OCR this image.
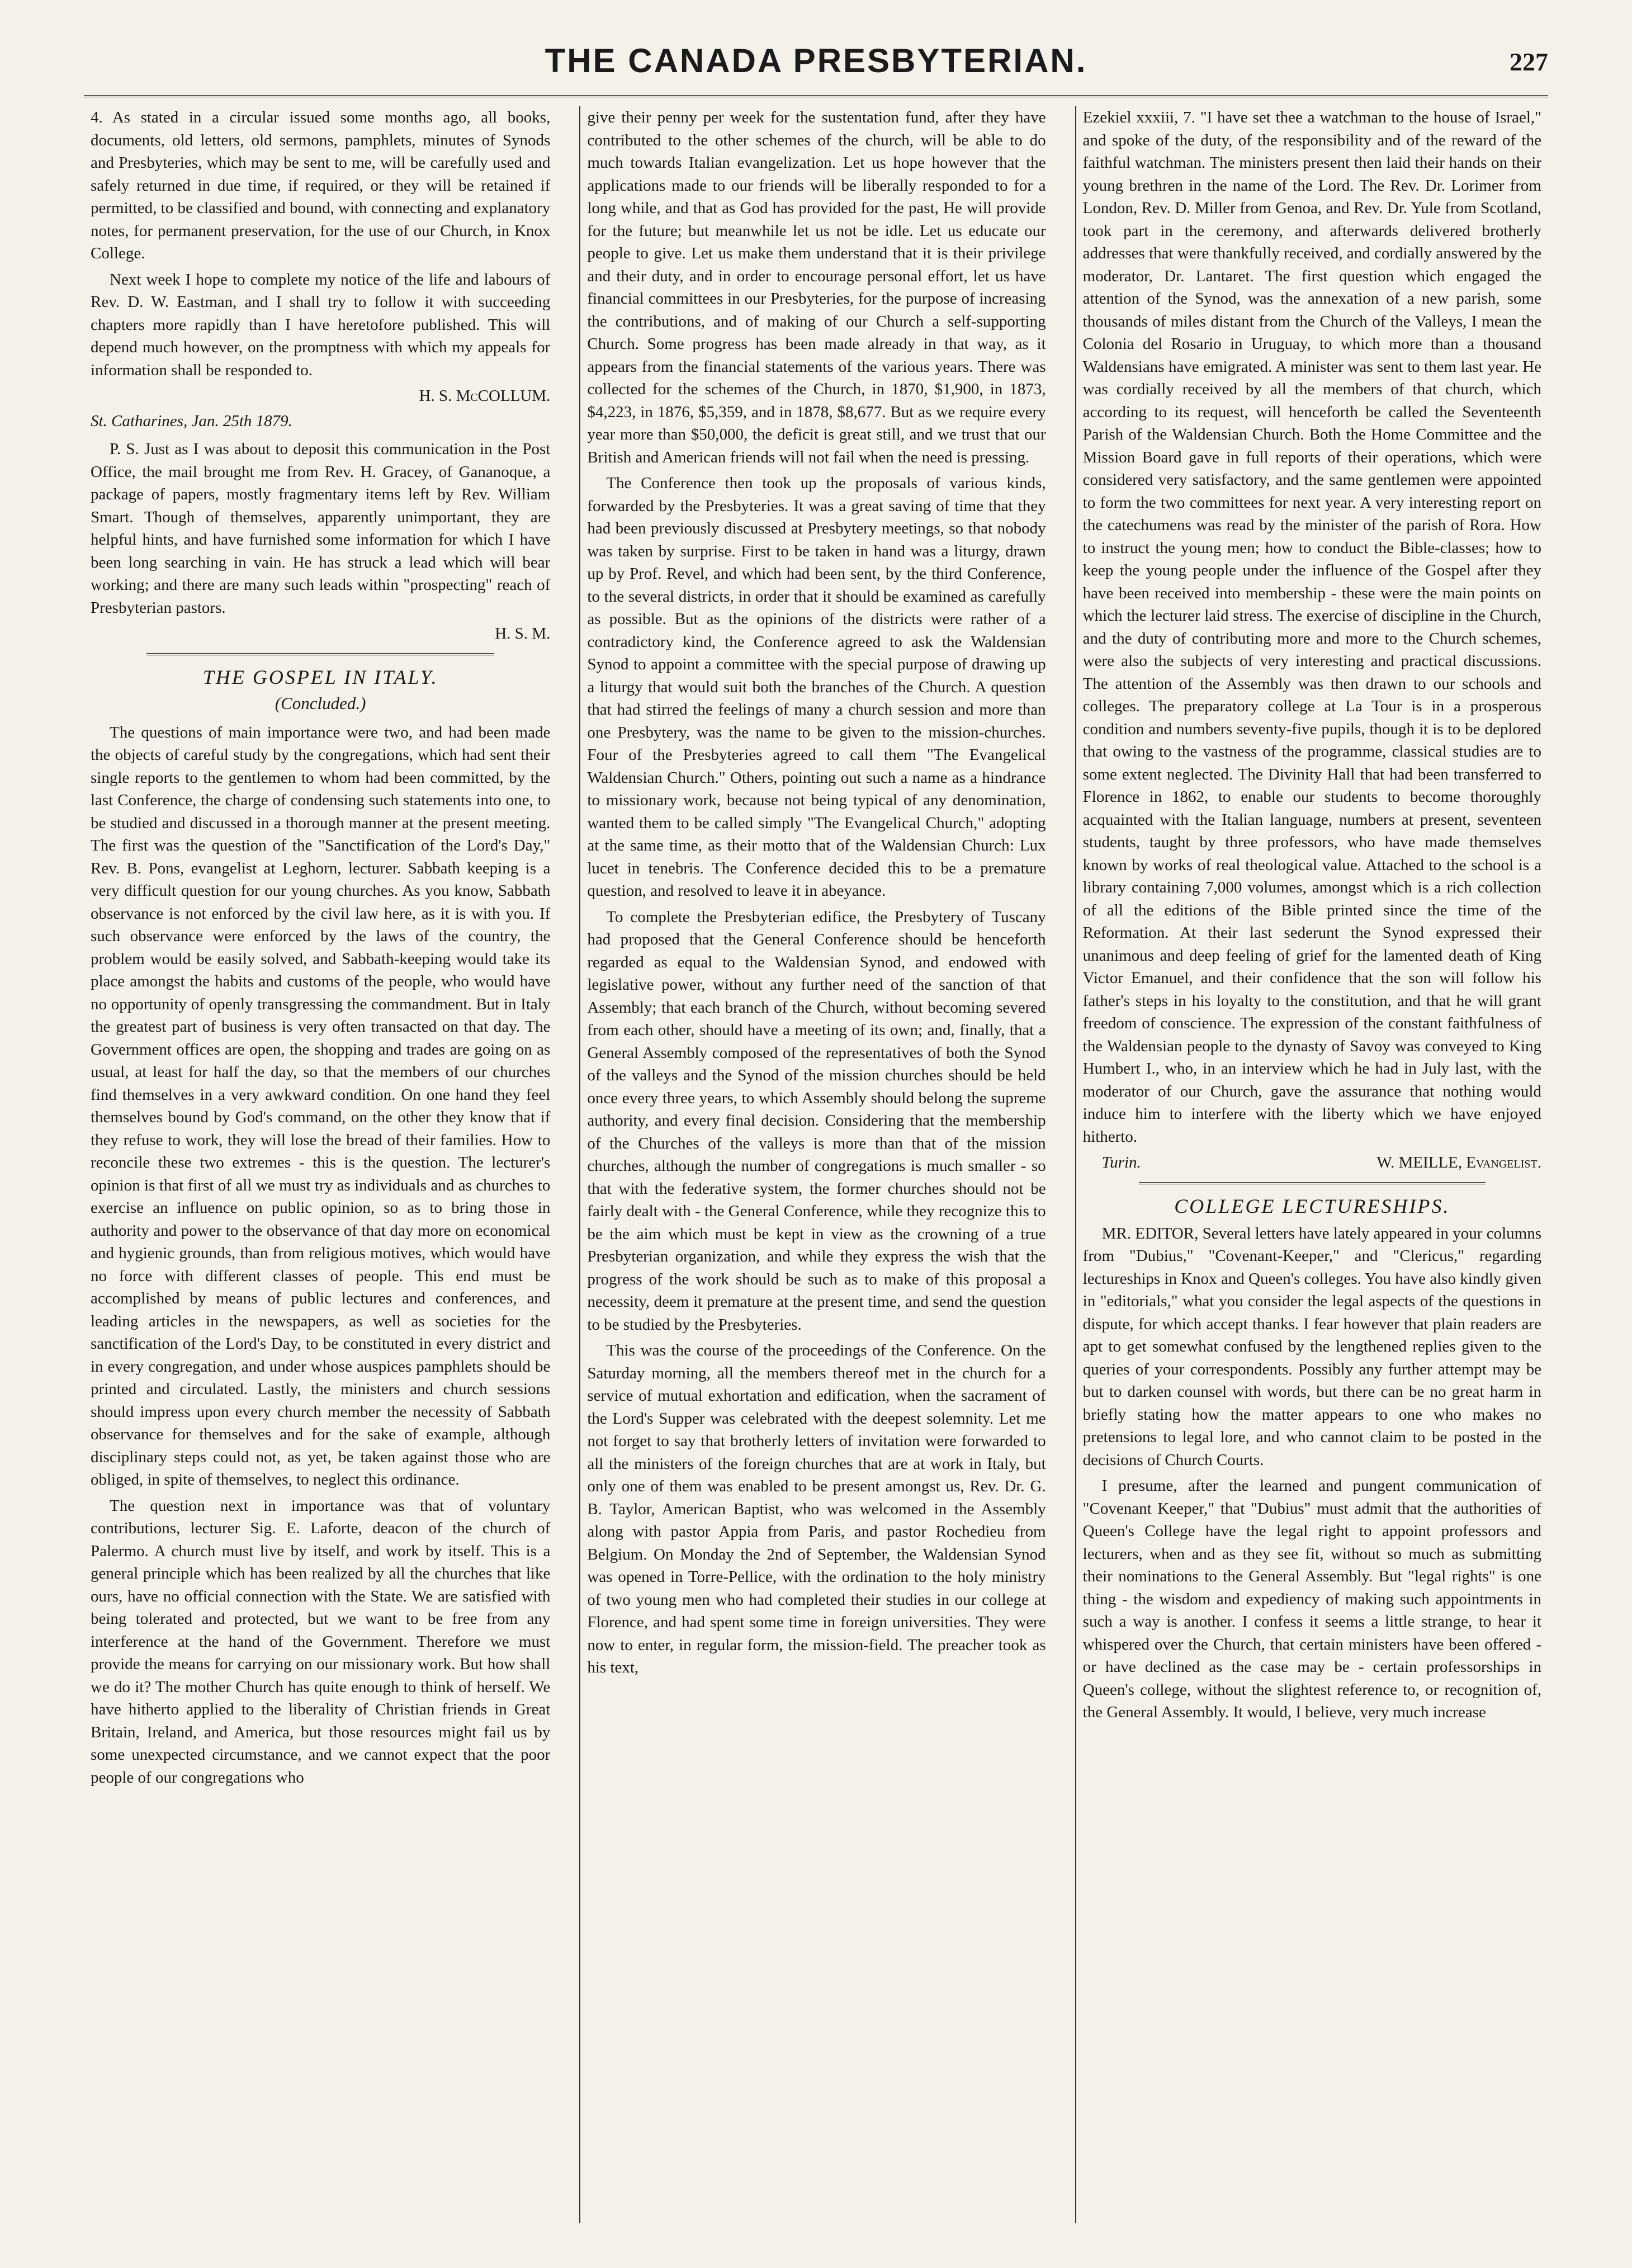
THE CANADA PRESBYTERIAN.	227

4. As stated in a circular issued some months ago, all books, documents, old letters, old sermons, pamphlets, minutes of Synods and Presbyteries, which may be sent to me, will be carefully used and safely returned in due time, if required, or they will be retained if permitted, to be classified and bound, with connecting and explanatory notes, for permanent preservation, for the use of our Church, in Knox College.

Next week I hope to complete my notice of the life and labours of Rev. D. W. Eastman, and I shall try to follow it with succeeding chapters more rapidly than I have heretofore published. This will depend much however, on the promptness with which my appeals for information shall be responded to.

H. S. McCOLLUM.
St. Catharines, Jan. 25th 1879.

P. S. Just as I was about to deposit this communication in the Post Office, the mail brought me from Rev. H. Gracey, of Gananoque, a package of papers, mostly fragmentary items left by Rev. William Smart. Though of themselves, apparently unimportant, they are helpful hints, and have furnished some information for which I have been long searching in vain. He has struck a lead which will bear working; and there are many such leads within "prospecting" reach of Presbyterian pastors.

H. S. M.
THE GOSPEL IN ITALY.
(Concluded.)

The questions of main importance were two, and had been made the objects of careful study by the congregations, which had sent their single reports to the gentlemen to whom had been committed, by the last Conference, the charge of condensing such statements into one, to be studied and discussed in a thorough manner at the present meeting. The first was the question of the "Sanctification of the Lord's Day," Rev. B. Pons, evangelist at Leghorn, lecturer. Sabbath keeping is a very difficult question for our young churches. As you know, Sabbath observance is not enforced by the civil law here, as it is with you. If such observance were enforced by the laws of the country, the problem would be easily solved, and Sabbath-keeping would take its place amongst the habits and customs of the people, who would have no opportunity of openly transgressing the commandment. But in Italy the greatest part of business is very often transacted on that day. The Government offices are open, the shopping and trades are going on as usual, at least for half the day, so that the members of our churches find themselves in a very awkward condition. On one hand they feel themselves bound by God's command, on the other they know that if they refuse to work, they will lose the bread of their families. How to reconcile these two extremes - this is the question. The lecturer's opinion is that first of all we must try as individuals and as churches to exercise an influence on public opinion, so as to bring those in authority and power to the observance of that day more on economical and hygienic grounds, than from religious motives, which would have no force with different classes of people. This end must be accomplished by means of public lectures and conferences, and leading articles in the newspapers, as well as societies for the sanctification of the Lord's Day, to be constituted in every district and in every congregation, and under whose auspices pamphlets should be printed and circulated. Lastly, the ministers and church sessions should impress upon every church member the necessity of Sabbath observance for themselves and for the sake of example, although disciplinary steps could not, as yet, be taken against those who are obliged, in spite of themselves, to neglect this ordinance.

The question next in importance was that of voluntary contributions, lecturer Sig. E. Laforte, deacon of the church of Palermo. A church must live by itself, and work by itself. This is a general principle which has been realized by all the churches that like ours, have no official connection with the State. We are satisfied with being tolerated and protected, but we want to be free from any interference at the hand of the Government. Therefore we must provide the means for carrying on our missionary work. But how shall we do it? The mother Church has quite enough to think of herself. We have hitherto applied to the liberality of Christian friends in Great Britain, Ireland, and America, but those resources might fail us by some unexpected circumstance, and we cannot expect that the poor people of our congregations who

give their penny per week for the sustentation fund, after they have contributed to the other schemes of the church, will be able to do much towards Italian evangelization. Let us hope however that the applications made to our friends will be liberally responded to for a long while, and that as God has provided for the past, He will provide for the future; but meanwhile let us not be idle. Let us educate our people to give. Let us make them understand that it is their privilege and their duty, and in order to encourage personal effort, let us have financial committees in our Presbyteries, for the purpose of increasing the contributions, and of making of our Church a self-supporting Church. Some progress has been made already in that way, as it appears from the financial statements of the various years. There was collected for the schemes of the Church, in 1870, $1,900, in 1873, $4,223, in 1876, $5,359, and in 1878, $8,677. But as we require every year more than $50,000, the deficit is great still, and we trust that our British and American friends will not fail when the need is pressing.

The Conference then took up the proposals of various kinds, forwarded by the Presbyteries. It was a great saving of time that they had been previously discussed at Presbytery meetings, so that nobody was taken by surprise. First to be taken in hand was a liturgy, drawn up by Prof. Revel, and which had been sent, by the third Conference, to the several districts, in order that it should be examined as carefully as possible. But as the opinions of the districts were rather of a contradictory kind, the Conference agreed to ask the Waldensian Synod to appoint a committee with the special purpose of drawing up a liturgy that would suit both the branches of the Church. A question that had stirred the feelings of many a church session and more than one Presbytery, was the name to be given to the mission-churches. Four of the Presbyteries agreed to call them "The Evangelical Waldensian Church." Others, pointing out such a name as a hindrance to missionary work, because not being typical of any denomination, wanted them to be called simply "The Evangelical Church," adopting at the same time, as their motto that of the Waldensian Church: Lux lucet in tenebris. The Conference decided this to be a premature question, and resolved to leave it in abeyance.

To complete the Presbyterian edifice, the Presbytery of Tuscany had proposed that the General Conference should be henceforth regarded as equal to the Waldensian Synod, and endowed with legislative power, without any further need of the sanction of that Assembly; that each branch of the Church, without becoming severed from each other, should have a meeting of its own; and, finally, that a General Assembly composed of the representatives of both the Synod of the valleys and the Synod of the mission churches should be held once every three years, to which Assembly should belong the supreme authority, and every final decision. Considering that the membership of the Churches of the valleys is more than that of the mission churches, although the number of congregations is much smaller - so that with the federative system, the former churches should not be fairly dealt with - the General Conference, while they recognize this to be the aim which must be kept in view as the crowning of a true Presbyterian organization, and while they express the wish that the progress of the work should be such as to make of this proposal a necessity, deem it premature at the present time, and send the question to be studied by the Presbyteries.

This was the course of the proceedings of the Conference. On the Saturday morning, all the members thereof met in the church for a service of mutual exhortation and edification, when the sacrament of the Lord's Supper was celebrated with the deepest solemnity. Let me not forget to say that brotherly letters of invitation were forwarded to all the ministers of the foreign churches that are at work in Italy, but only one of them was enabled to be present amongst us, Rev. Dr. G. B. Taylor, American Baptist, who was welcomed in the Assembly along with pastor Appia from Paris, and pastor Rochedieu from Belgium. On Monday the 2nd of September, the Waldensian Synod was opened in Torre-Pellice, with the ordination to the holy ministry of two young men who had completed their studies in our college at Florence, and had spent some time in foreign universities. They were now to enter, in regular form, the mission-field. The preacher took as his text,

Ezekiel xxxiii, 7. "I have set thee a watchman to the house of Israel," and spoke of the duty, of the responsibility and of the reward of the faithful watchman. The ministers present then laid their hands on their young brethren in the name of the Lord. The Rev. Dr. Lorimer from London, Rev. D. Miller from Genoa, and Rev. Dr. Yule from Scotland, took part in the ceremony, and afterwards delivered brotherly addresses that were thankfully received, and cordially answered by the moderator, Dr. Lantaret. The first question which engaged the attention of the Synod, was the annexation of a new parish, some thousands of miles distant from the Church of the Valleys, I mean the Colonia del Rosario in Uruguay, to which more than a thousand Waldensians have emigrated. A minister was sent to them last year. He was cordially received by all the members of that church, which according to its request, will henceforth be called the Seventeenth Parish of the Waldensian Church. Both the Home Committee and the Mission Board gave in full reports of their operations, which were considered very satisfactory, and the same gentlemen were appointed to form the two committees for next year. A very interesting report on the catechumens was read by the minister of the parish of Rora. How to instruct the young men; how to conduct the Bible-classes; how to keep the young people under the influence of the Gospel after they have been received into membership - these were the main points on which the lecturer laid stress. The exercise of discipline in the Church, and the duty of contributing more and more to the Church schemes, were also the subjects of very interesting and practical discussions. The attention of the Assembly was then drawn to our schools and colleges. The preparatory college at La Tour is in a prosperous condition and numbers seventy-five pupils, though it is to be deplored that owing to the vastness of the programme, classical studies are to some extent neglected. The Divinity Hall that had been transferred to Florence in 1862, to enable our students to become thoroughly acquainted with the Italian language, numbers at present, seventeen students, taught by three professors, who have made themselves known by works of real theological value. Attached to the school is a library containing 7,000 volumes, amongst which is a rich collection of all the editions of the Bible printed since the time of the Reformation. At their last sederunt the Synod expressed their unanimous and deep feeling of grief for the lamented death of King Victor Emanuel, and their confidence that the son will follow his father's steps in his loyalty to the constitution, and that he will grant freedom of conscience. The expression of the constant faithfulness of the Waldensian people to the dynasty of Savoy was conveyed to King Humbert I., who, in an interview which he had in July last, with the moderator of our Church, gave the assurance that nothing would induce him to interfere with the liberty which we have enjoyed hitherto.

Turin.	W. MEILLE, Evangelist.
COLLEGE LECTURESHIPS.

MR. EDITOR, Several letters have lately appeared in your columns from "Dubius," "Covenant-Keeper," and "Clericus," regarding lectureships in Knox and Queen's colleges. You have also kindly given in "editorials," what you consider the legal aspects of the questions in dispute, for which accept thanks. I fear however that plain readers are apt to get somewhat confused by the lengthened replies given to the queries of your correspondents. Possibly any further attempt may be but to darken counsel with words, but there can be no great harm in briefly stating how the matter appears to one who makes no pretensions to legal lore, and who cannot claim to be posted in the decisions of Church Courts.

I presume, after the learned and pungent communication of "Covenant Keeper," that "Dubius" must admit that the authorities of Queen's College have the legal right to appoint professors and lecturers, when and as they see fit, without so much as submitting their nominations to the General Assembly. But "legal rights" is one thing - the wisdom and expediency of making such appointments in such a way is another. I confess it seems a little strange, to hear it whispered over the Church, that certain ministers have been offered - or have declined as the case may be - certain professorships in Queen's college, without the slightest reference to, or recognition of, the General Assembly. It would, I believe, very much increase
